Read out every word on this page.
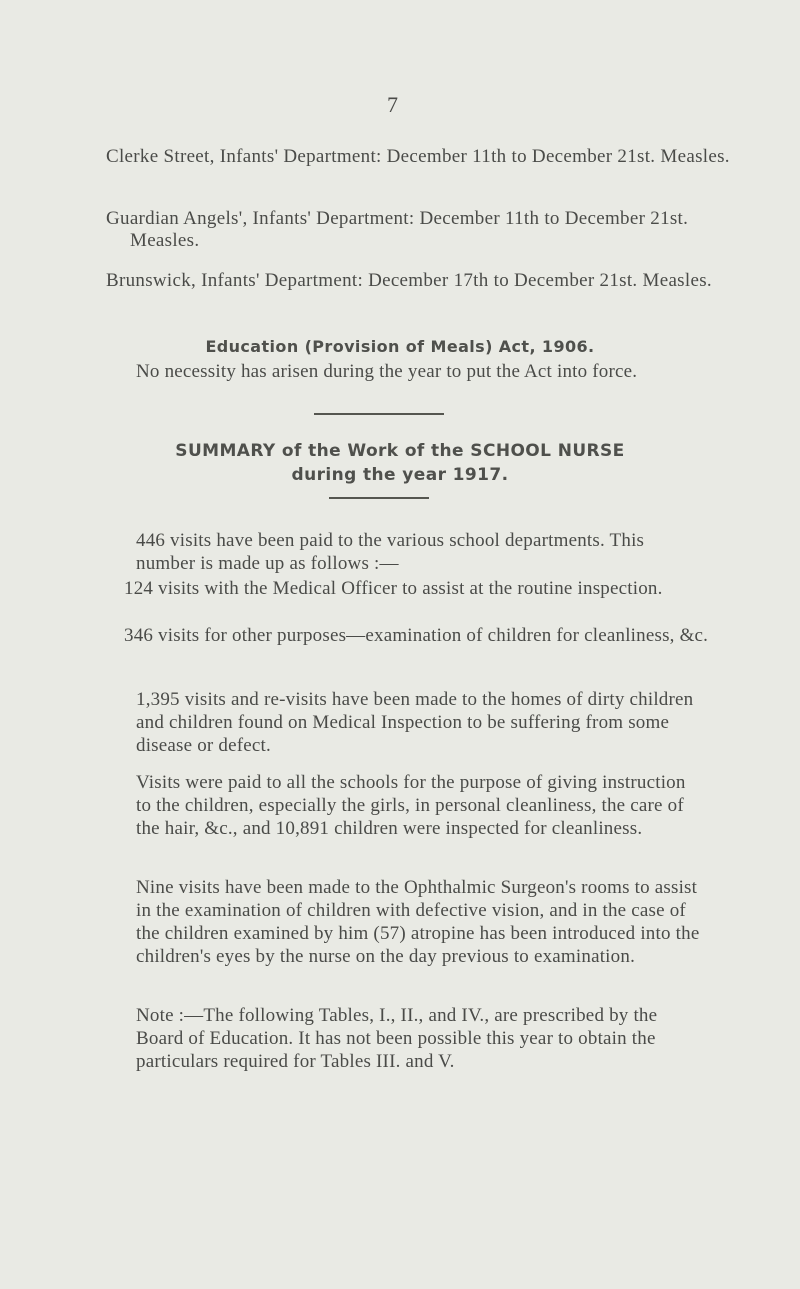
7
Clerke Street, Infants' Department: December 11th to December 21st. Measles.
Guardian Angels', Infants' Department: December 11th to December 21st. Measles.
Brunswick, Infants' Department: December 17th to December 21st. Measles.
Education (Provision of Meals) Act, 1906.
No necessity has arisen during the year to put the Act into force.
SUMMARY of the Work of the SCHOOL NURSE
during the year 1917.
446 visits have been paid to the various school departments. This number is made up as follows :—
124 visits with the Medical Officer to assist at the routine inspection.
346 visits for other purposes—examination of children for cleanliness, &c.
1,395 visits and re-visits have been made to the homes of dirty children and children found on Medical Inspection to be suffering from some disease or defect.
Visits were paid to all the schools for the purpose of giving instruction to the children, especially the girls, in personal cleanliness, the care of the hair, &c., and 10,891 children were inspected for cleanliness.
Nine visits have been made to the Ophthalmic Surgeon's rooms to assist in the examination of children with defective vision, and in the case of the children examined by him (57) atropine has been introduced into the children's eyes by the nurse on the day previous to examination.
Note :—The following Tables, I., II., and IV., are prescribed by the Board of Education. It has not been possible this year to obtain the particulars required for Tables III. and V.
